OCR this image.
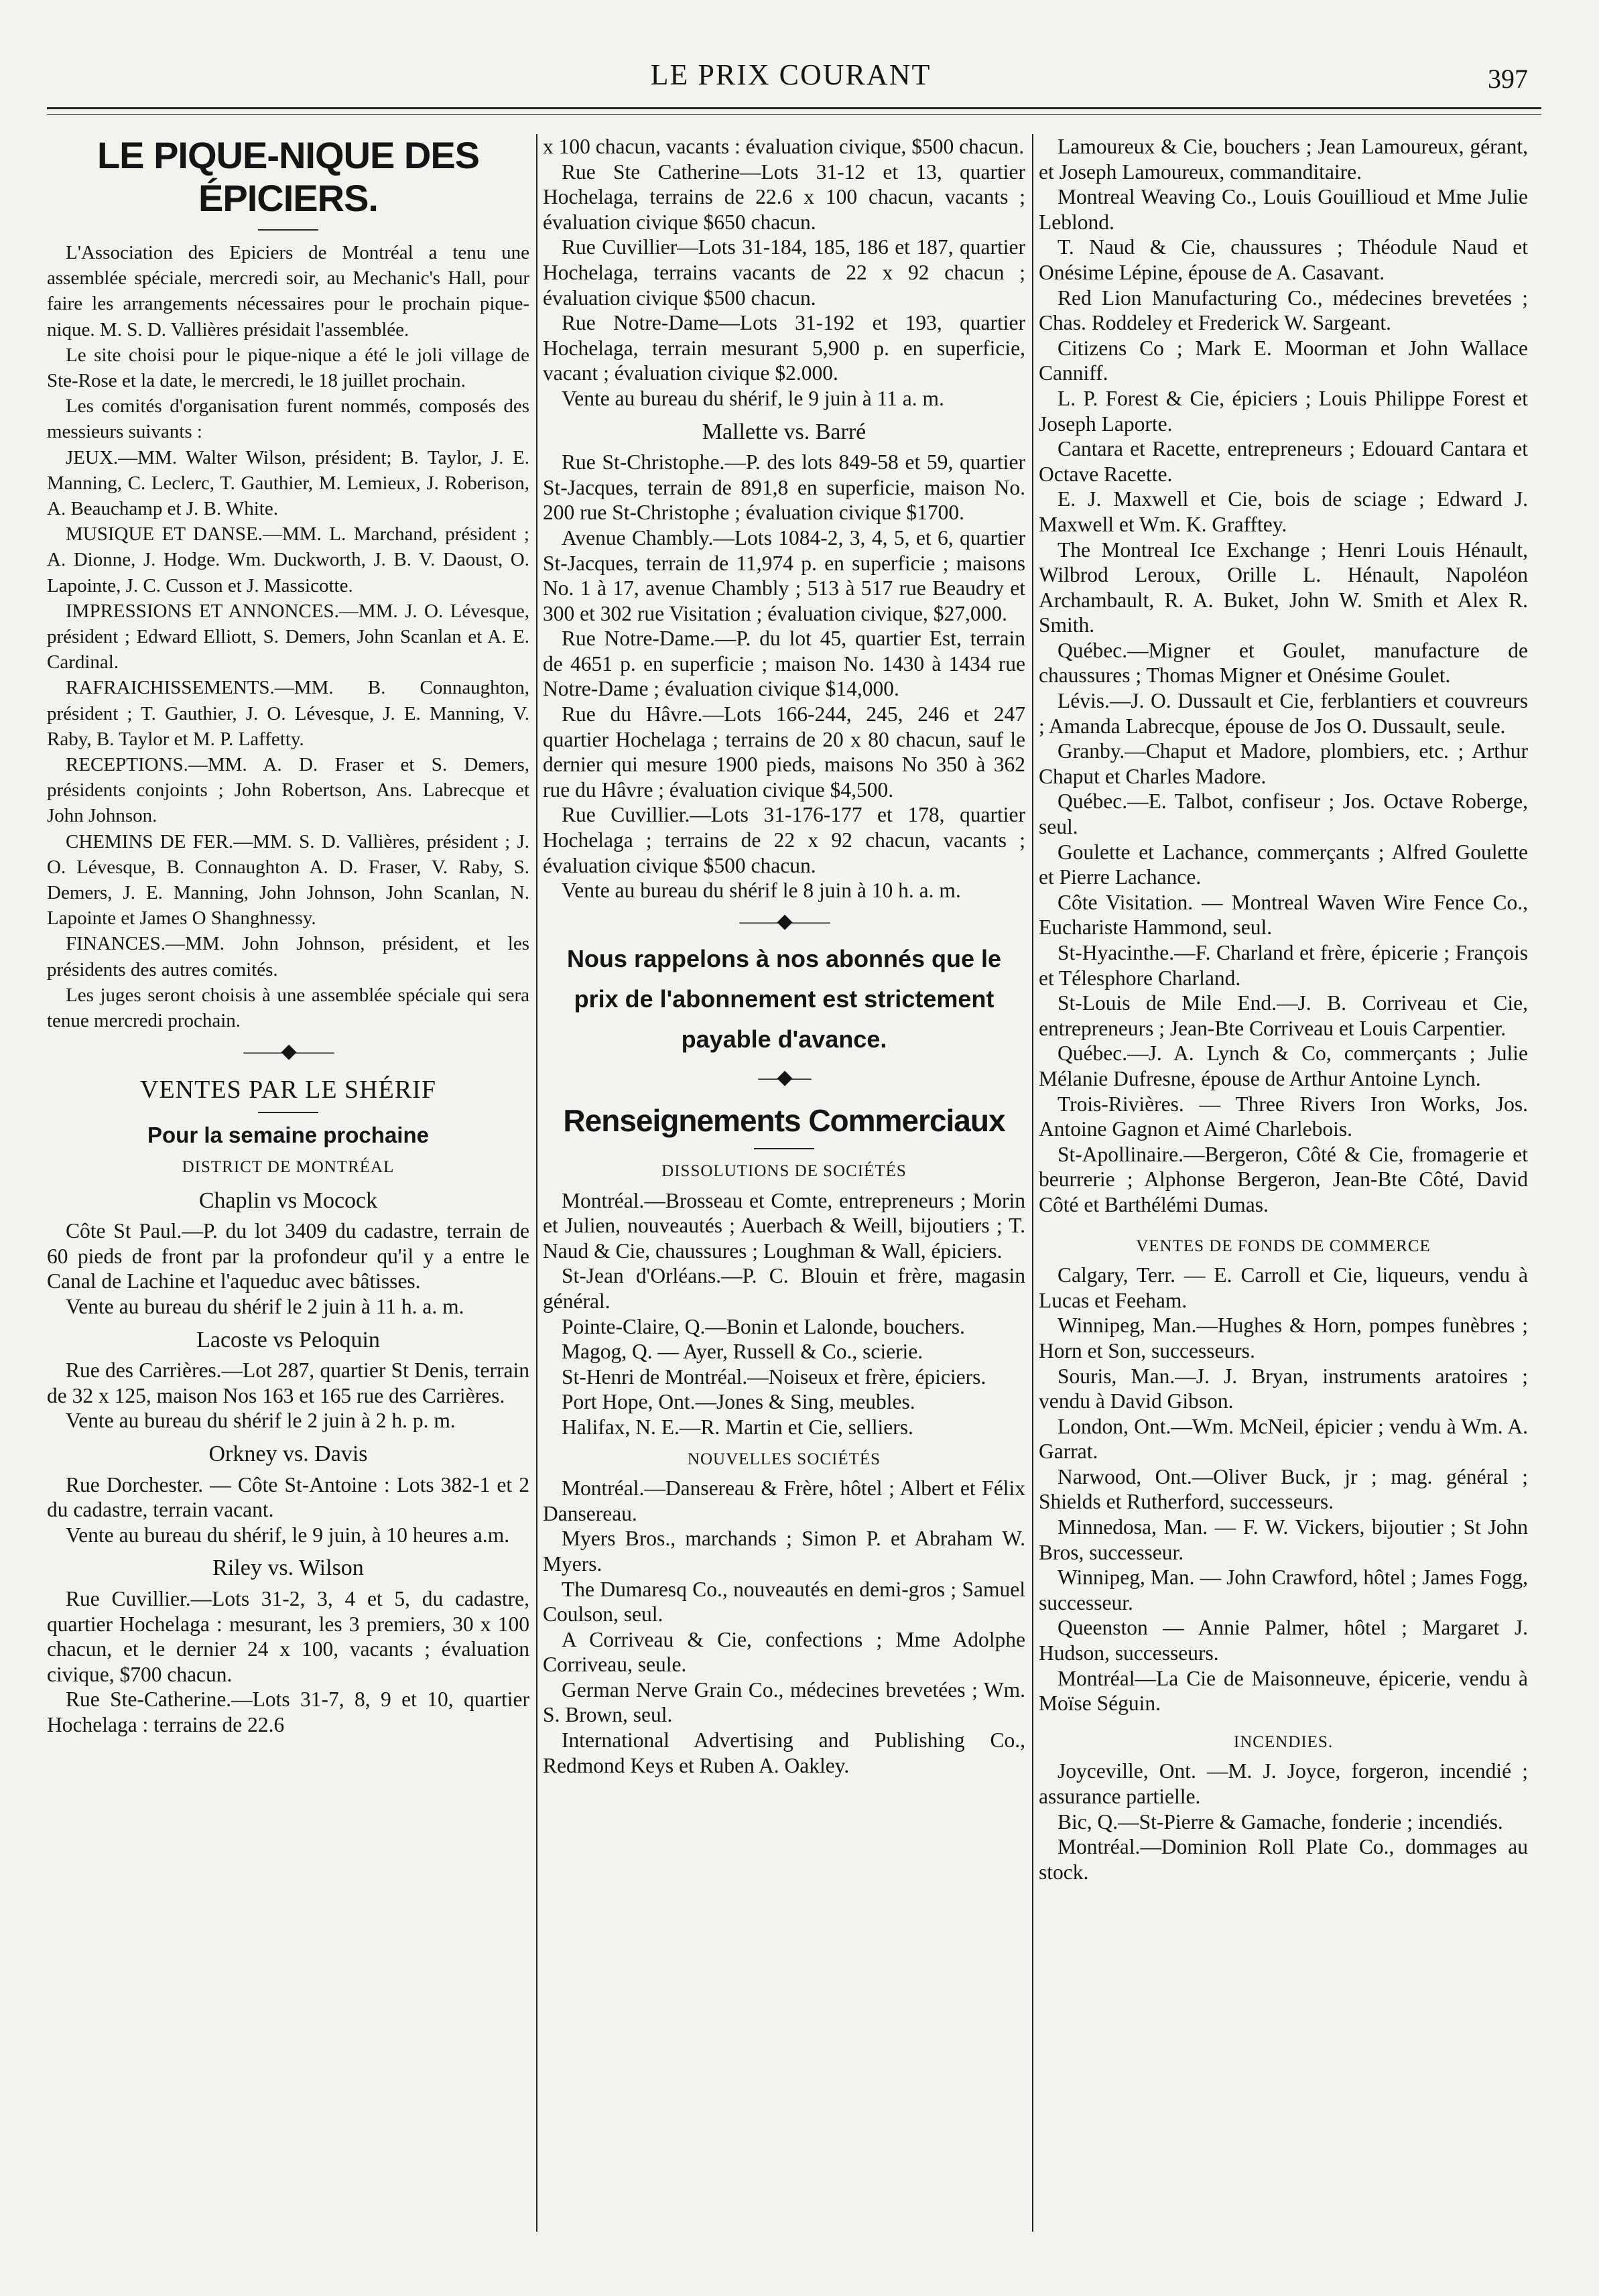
LE PRIX COURANT	397
LE PIQUE-NIQUE DES ÉPICIERS.

L'Association des Epiciers de Montréal a tenu une assemblée spéciale, mercredi soir, au Mechanic's Hall, pour faire les arrangements nécessaires pour le prochain pique-nique. M. S. D. Vallières présidait l'assemblée.

Le site choisi pour le pique-nique a été le joli village de Ste-Rose et la date, le mercredi, le 18 juillet prochain.

Les comités d'organisation furent nommés, composés des messieurs suivants :

JEUX.—MM. Walter Wilson, président; B. Taylor, J. E. Manning, C. Leclerc, T. Gauthier, M. Lemieux, J. Roberison, A. Beauchamp et J. B. White.

MUSIQUE ET DANSE.—MM. L. Marchand, président ; A. Dionne, J. Hodge. Wm. Duckworth, J. B. V. Daoust, O. Lapointe, J. C. Cusson et J. Massicotte.

IMPRESSIONS ET ANNONCES.—MM. J. O. Lévesque, président ; Edward Elliott, S. Demers, John Scanlan et A. E. Cardinal.

RAFRAICHISSEMENTS.—MM. B. Connaughton, président ; T. Gauthier, J. O. Lévesque, J. E. Manning, V. Raby, B. Taylor et M. P. Laffetty.

RECEPTIONS.—MM. A. D. Fraser et S. Demers, présidents conjoints ; John Robertson, Ans. Labrecque et John Johnson.

CHEMINS DE FER.—MM. S. D. Vallières, président ; J. O. Lévesque, B. Connaughton A. D. Fraser, V. Raby, S. Demers, J. E. Manning, John Johnson, John Scanlan, N. Lapointe et James O Shanghnessy.

FINANCES.—MM. John Johnson, président, et les présidents des autres comités.

Les juges seront choisis à une assemblée spéciale qui sera tenue mercredi prochain.

——◆——
VENTES PAR LE SHÉRIF
Pour la semaine prochaine
DISTRICT DE MONTRÉAL
Chaplin vs Mocock

Côte St Paul.—P. du lot 3409 du cadastre, terrain de 60 pieds de front par la profondeur qu'il y a entre le Canal de Lachine et l'aqueduc avec bâtisses.

Vente au bureau du shérif le 2 juin à 11 h. a. m.

Lacoste vs Peloquin

Rue des Carrières.—Lot 287, quartier St Denis, terrain de 32 x 125, maison Nos 163 et 165 rue des Carrières.

Vente au bureau du shérif le 2 juin à 2 h. p. m.

Orkney vs. Davis

Rue Dorchester. — Côte St-Antoine : Lots 382-1 et 2 du cadastre, terrain vacant.

Vente au bureau du shérif, le 9 juin, à 10 heures a.m.

Riley vs. Wilson

Rue Cuvillier.—Lots 31-2, 3, 4 et 5, du cadastre, quartier Hochelaga : mesurant, les 3 premiers, 30 x 100 chacun, et le dernier 24 x 100, vacants ; évaluation civique, $700 chacun.

Rue Ste-Catherine.—Lots 31-7, 8, 9 et 10, quartier Hochelaga : terrains de 22.6

x 100 chacun, vacants : évaluation civique, $500 chacun.

Rue Ste Catherine—Lots 31-12 et 13, quartier Hochelaga, terrains de 22.6 x 100 chacun, vacants ; évaluation civique $650 chacun.

Rue Cuvillier—Lots 31-184, 185, 186 et 187, quartier Hochelaga, terrains vacants de 22 x 92 chacun ; évaluation civique $500 chacun.

Rue Notre-Dame—Lots 31-192 et 193, quartier Hochelaga, terrain mesurant 5,900 p. en superficie, vacant ; évaluation civique $2.000.

Vente au bureau du shérif, le 9 juin à 11 a. m.

Mallette vs. Barré

Rue St-Christophe.—P. des lots 849-58 et 59, quartier St-Jacques, terrain de 891,8 en superficie, maison No. 200 rue St-Christophe ; évaluation civique $1700.

Avenue Chambly.—Lots 1084-2, 3, 4, 5, et 6, quartier St-Jacques, terrain de 11,974 p. en superficie ; maisons No. 1 à 17, avenue Chambly ; 513 à 517 rue Beaudry et 300 et 302 rue Visitation ; évaluation civique, $27,000.

Rue Notre-Dame.—P. du lot 45, quartier Est, terrain de 4651 p. en superficie ; maison No. 1430 à 1434 rue Notre-Dame ; évaluation civique $14,000.

Rue du Hâvre.—Lots 166-244, 245, 246 et 247 quartier Hochelaga ; terrains de 20 x 80 chacun, sauf le dernier qui mesure 1900 pieds, maisons No 350 à 362 rue du Hâvre ; évaluation civique $4,500.

Rue Cuvillier.—Lots 31-176-177 et 178, quartier Hochelaga ; terrains de 22 x 92 chacun, vacants ; évaluation civique $500 chacun.

Vente au bureau du shérif le 8 juin à 10 h. a. m.

——◆——
Nous rappelons à nos abonnés que le prix de l'abonnement est strictement payable d'avance.
—◆—
Renseignements Commerciaux
DISSOLUTIONS DE SOCIÉTÉS

Montréal.—Brosseau et Comte, entrepreneurs ; Morin et Julien, nouveautés ; Auerbach & Weill, bijoutiers ; T. Naud & Cie, chaussures ; Loughman & Wall, épiciers.

St-Jean d'Orléans.—P. C. Blouin et frère, magasin général.

Pointe-Claire, Q.—Bonin et Lalonde, bouchers.

Magog, Q. — Ayer, Russell & Co., scierie.

St-Henri de Montréal.—Noiseux et frère, épiciers.

Port Hope, Ont.—Jones & Sing, meubles.

Halifax, N. E.—R. Martin et Cie, selliers.

NOUVELLES SOCIÉTÉS

Montréal.—Dansereau & Frère, hôtel ; Albert et Félix Dansereau.

Myers Bros., marchands ; Simon P. et Abraham W. Myers.

The Dumaresq Co., nouveautés en demi-gros ; Samuel Coulson, seul.

A Corriveau & Cie, confections ; Mme Adolphe Corriveau, seule.

German Nerve Grain Co., médecines brevetées ; Wm. S. Brown, seul.

International Advertising and Publishing Co., Redmond Keys et Ruben A. Oakley.

Lamoureux & Cie, bouchers ; Jean Lamoureux, gérant, et Joseph Lamoureux, commanditaire.

Montreal Weaving Co., Louis Gouillioud et Mme Julie Leblond.

T. Naud & Cie, chaussures ; Théodule Naud et Onésime Lépine, épouse de A. Casavant.

Red Lion Manufacturing Co., médecines brevetées ; Chas. Roddeley et Frederick W. Sargeant.

Citizens Co ; Mark E. Moorman et John Wallace Canniff.

L. P. Forest & Cie, épiciers ; Louis Philippe Forest et Joseph Laporte.

Cantara et Racette, entrepreneurs ; Edouard Cantara et Octave Racette.

E. J. Maxwell et Cie, bois de sciage ; Edward J. Maxwell et Wm. K. Grafftey.

The Montreal Ice Exchange ; Henri Louis Hénault, Wilbrod Leroux, Orille L. Hénault, Napoléon Archambault, R. A. Buket, John W. Smith et Alex R. Smith.

Québec.—Migner et Goulet, manufacture de chaussures ; Thomas Migner et Onésime Goulet.

Lévis.—J. O. Dussault et Cie, ferblantiers et couvreurs ; Amanda Labrecque, épouse de Jos O. Dussault, seule.

Granby.—Chaput et Madore, plombiers, etc. ; Arthur Chaput et Charles Madore.

Québec.—E. Talbot, confiseur ; Jos. Octave Roberge, seul.

Goulette et Lachance, commerçants ; Alfred Goulette et Pierre Lachance.

Côte Visitation. — Montreal Waven Wire Fence Co., Euchariste Hammond, seul.

St-Hyacinthe.—F. Charland et frère, épicerie ; François et Télesphore Charland.

St-Louis de Mile End.—J. B. Corriveau et Cie, entrepreneurs ; Jean-Bte Corriveau et Louis Carpentier.

Québec.—J. A. Lynch & Co, commerçants ; Julie Mélanie Dufresne, épouse de Arthur Antoine Lynch.

Trois-Rivières. — Three Rivers Iron Works, Jos. Antoine Gagnon et Aimé Charlebois.

St-Apollinaire.—Bergeron, Côté & Cie, fromagerie et beurrerie ; Alphonse Bergeron, Jean-Bte Côté, David Côté et Barthélémi Dumas.

VENTES DE FONDS DE COMMERCE

Calgary, Terr. — E. Carroll et Cie, liqueurs, vendu à Lucas et Feeham.

Winnipeg, Man.—Hughes & Horn, pompes funèbres ; Horn et Son, successeurs.

Souris, Man.—J. J. Bryan, instruments aratoires ; vendu à David Gibson.

London, Ont.—Wm. McNeil, épicier ; vendu à Wm. A. Garrat.

Narwood, Ont.—Oliver Buck, jr ; mag. général ; Shields et Rutherford, successeurs.

Minnedosa, Man. — F. W. Vickers, bijoutier ; St John Bros, successeur.

Winnipeg, Man. — John Crawford, hôtel ; James Fogg, successeur.

Queenston — Annie Palmer, hôtel ; Margaret J. Hudson, successeurs.

Montréal—La Cie de Maisonneuve, épicerie, vendu à Moïse Séguin.

INCENDIES.

Joyceville, Ont. —M. J. Joyce, forgeron, incendié ; assurance partielle.

Bic, Q.—St-Pierre & Gamache, fonderie ; incendiés.

Montréal.—Dominion Roll Plate Co., dommages au stock.
